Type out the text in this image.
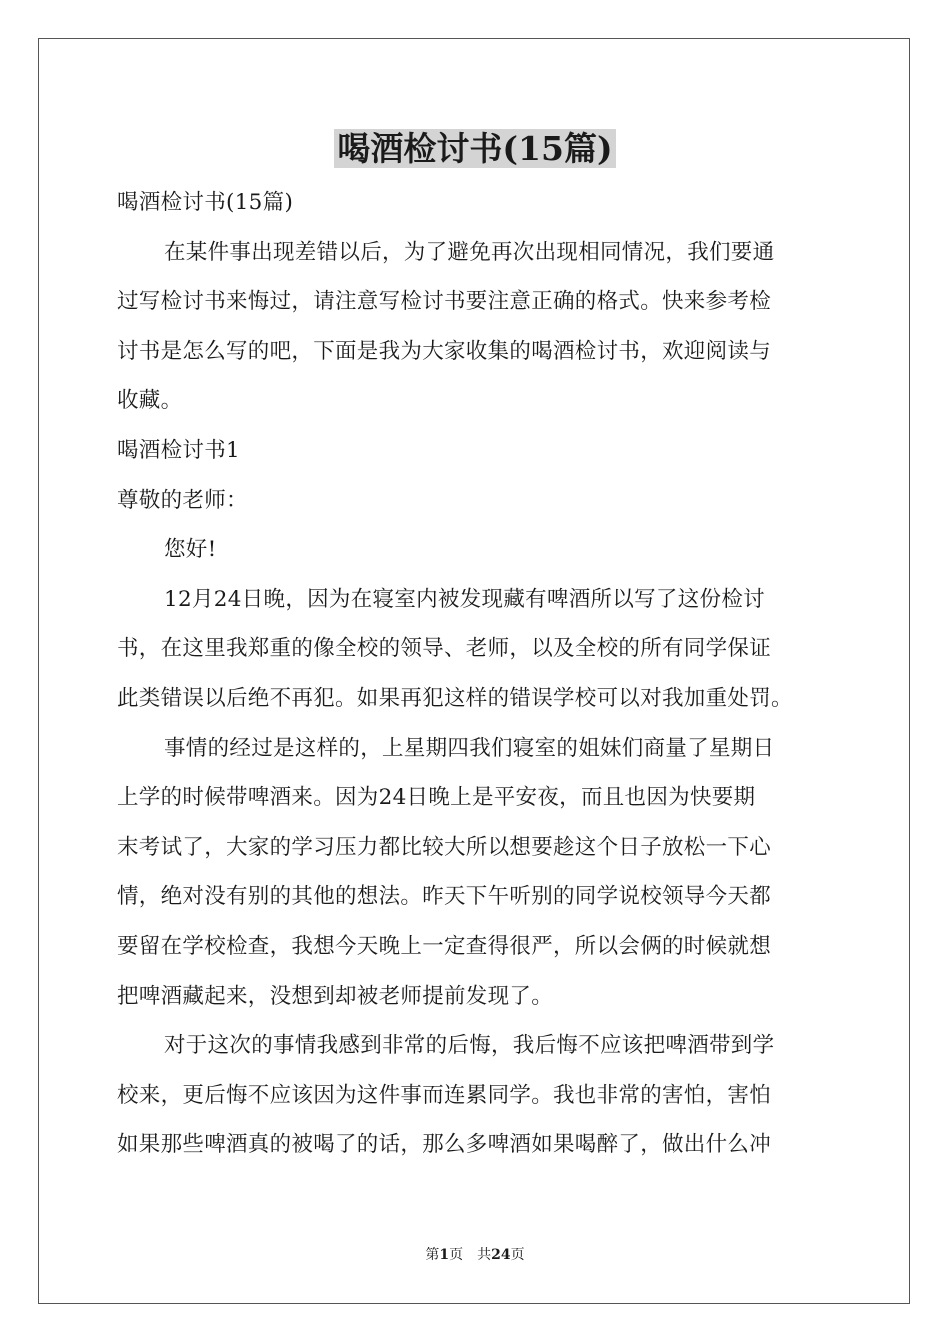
喝酒检讨书(15篇)
喝酒检讨书(15篇)
在某件事出现差错以后，为了避免再次出现相同情况，我们要通
过写检讨书来悔过，请注意写检讨书要注意正确的格式。快来参考检
讨书是怎么写的吧，下面是我为大家收集的喝酒检讨书，欢迎阅读与
收藏。
喝酒检讨书1
尊敬的老师：
您好!
12月24日晚，因为在寝室内被发现藏有啤酒所以写了这份检讨
书，在这里我郑重的像全校的领导、老师，以及全校的所有同学保证
此类错误以后绝不再犯。如果再犯这样的错误学校可以对我加重处罚。
事情的经过是这样的，上星期四我们寝室的姐妹们商量了星期日
上学的时候带啤酒来。因为24日晚上是平安夜，而且也因为快要期
末考试了，大家的学习压力都比较大所以想要趁这个日子放松一下心
情，绝对没有别的其他的想法。昨天下午听别的同学说校领导今天都
要留在学校检查，我想今天晚上一定查得很严，所以会俩的时候就想
把啤酒藏起来，没想到却被老师提前发现了。
对于这次的事情我感到非常的后悔，我后悔不应该把啤酒带到学
校来，更后悔不应该因为这件事而连累同学。我也非常的害怕，害怕
如果那些啤酒真的被喝了的话，那么多啤酒如果喝醉了，做出什么冲
第1页　共24页
